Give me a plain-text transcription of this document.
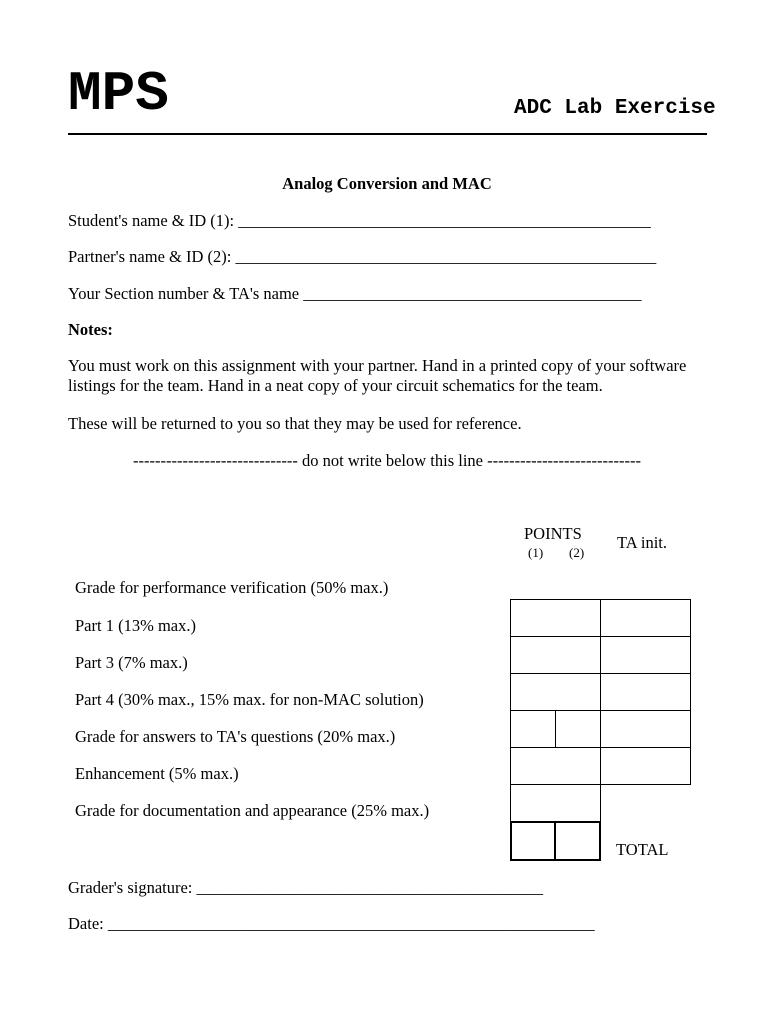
MPS	ADC Lab Exercise
Analog Conversion and MAC
Student's name & ID (1): __________________________________________________
Partner's name & ID (2): ___________________________________________________
Your Section number & TA's name _________________________________________
Notes:
You must work on this assignment with your partner. Hand in a printed copy of your software listings for the team. Hand in a neat copy of your circuit schematics for the team.
These will be returned to you so that they may be used for reference.
------------------------------ do not write below this line ----------------------------
POINTS
(1) (2)
TA init.
Grade for performance verification (50% max.)
Part 1 (13% max.)
Part 3 (7% max.)
Part 4 (30% max., 15% max. for non-MAC solution)
Grade for answers to TA's questions (20% max.)
Enhancement (5% max.)
Grade for documentation and appearance (25% max.)
TOTAL
Grader's signature: __________________________________________
Date: ___________________________________________________________
